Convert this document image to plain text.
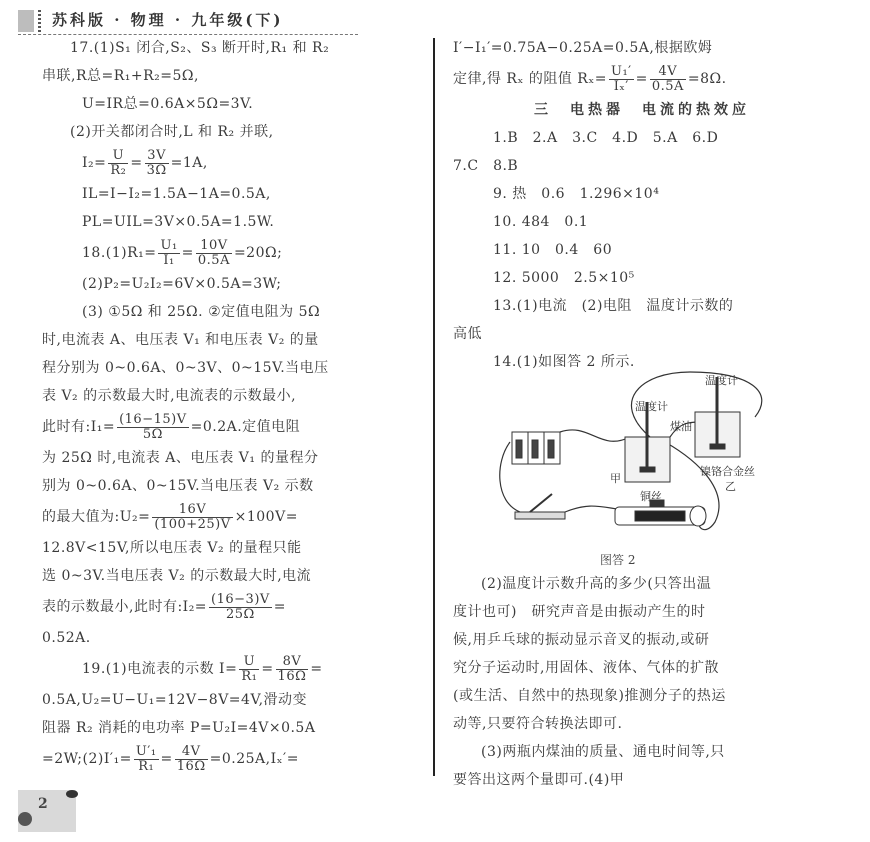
苏科版 · 物理 · 九年级(下)
17.(1)S₁ 闭合,S₂、S₃ 断开时,R₁ 和 R₂
串联,R总=R₁+R₂=5Ω,
U=IR总=0.6A×5Ω=3V.
(2)开关都闭合时,L 和 R₂ 并联,
$I_2= \frac{U}{\text{R₂}} = \frac{3V}{3\Omega} =1A$,
IL=I−I₂=1.5A−1A=0.5A,
PL=UIL=3V×0.5A=1.5W.
$18.(1)R_1= \frac{\text{U₁}}{\text{I₁}} = \frac{10V}{0.5A} =20\Omega$;
(2)P₂=U₂I₂=6V×0.5A=3W;
(3) ①5Ω 和 25Ω. ②定值电阻为 5Ω
时,电流表 A、电压表 V₁ 和电压表 V₂ 的量
程分别为 0~0.6A、0~3V、0~15V.当电压
表 V₂ 的示数最大时,电流表的示数最小,
此时有:I₁= $\frac{(16-15)V}{5\Omega} =0.2A$.定值电阻
为 25Ω 时,电流表 A、电压表 V₁ 的量程分
别为 0~0.6A、0~15V.当电压表 V₂ 示数
的最大值为:U₂= $\frac{16V}{(100+25)V} \times 100V=$
12.8V<15V,所以电压表 V₂ 的量程只能
选 0~3V.当电压表 V₂ 的示数最大时,电流
表的示数最小,此时有:I₂= $\frac{(16-3)V}{25\Omega}$ =
0.52A.
19.(1)电流表的示数 $I= \frac{U}{\text{R₁}} = \frac{8V}{16\Omega}$ =
0.5A,U₂=U−U₁=12V−8V=4V,滑动变
阻器 R₂ 消耗的电功率 P=U₂I=4V×0.5A
=2W;(2)I′₁= $\frac{\text{U′₁}}{\text{R₁}} = \frac{4V}{16\Omega} =0.25A,I_x'=$
I′−I₁′=0.75A−0.25A=0.5A,根据欧姆
定律,得 Rₓ 的阻值 $R_x= \frac{\text{U₁′}}{\text{Iₓ′}} = \frac{4V}{0.5A} =8\Omega$.
三　电热器　电流的热效应
1.B　2.A　3.C　4.D　5.A　6.D
7.C　8.B
9. 热　0.6　1.296×10⁴
10. 484　0.1
11. 10　0.4　60
12. 5000　2.5×10⁵
13.(1)电流　(2)电阻　温度计示数的
高低
14.(1)如图答 2 所示.
温度计
温度计
煤油
甲
铜丝
镍铬合金丝
乙
图答 2
(2)温度计示数升高的多少(只答出温
度计也可)　研究声音是由振动产生的时
候,用乒乓球的振动显示音叉的振动,或研
究分子运动时,用固体、液体、气体的扩散
(或生活、自然中的热现象)推测分子的热运
动等,只要符合转换法即可.
(3)两瓶内煤油的质量、通电时间等,只
要答出这两个量即可.(4)甲
2
